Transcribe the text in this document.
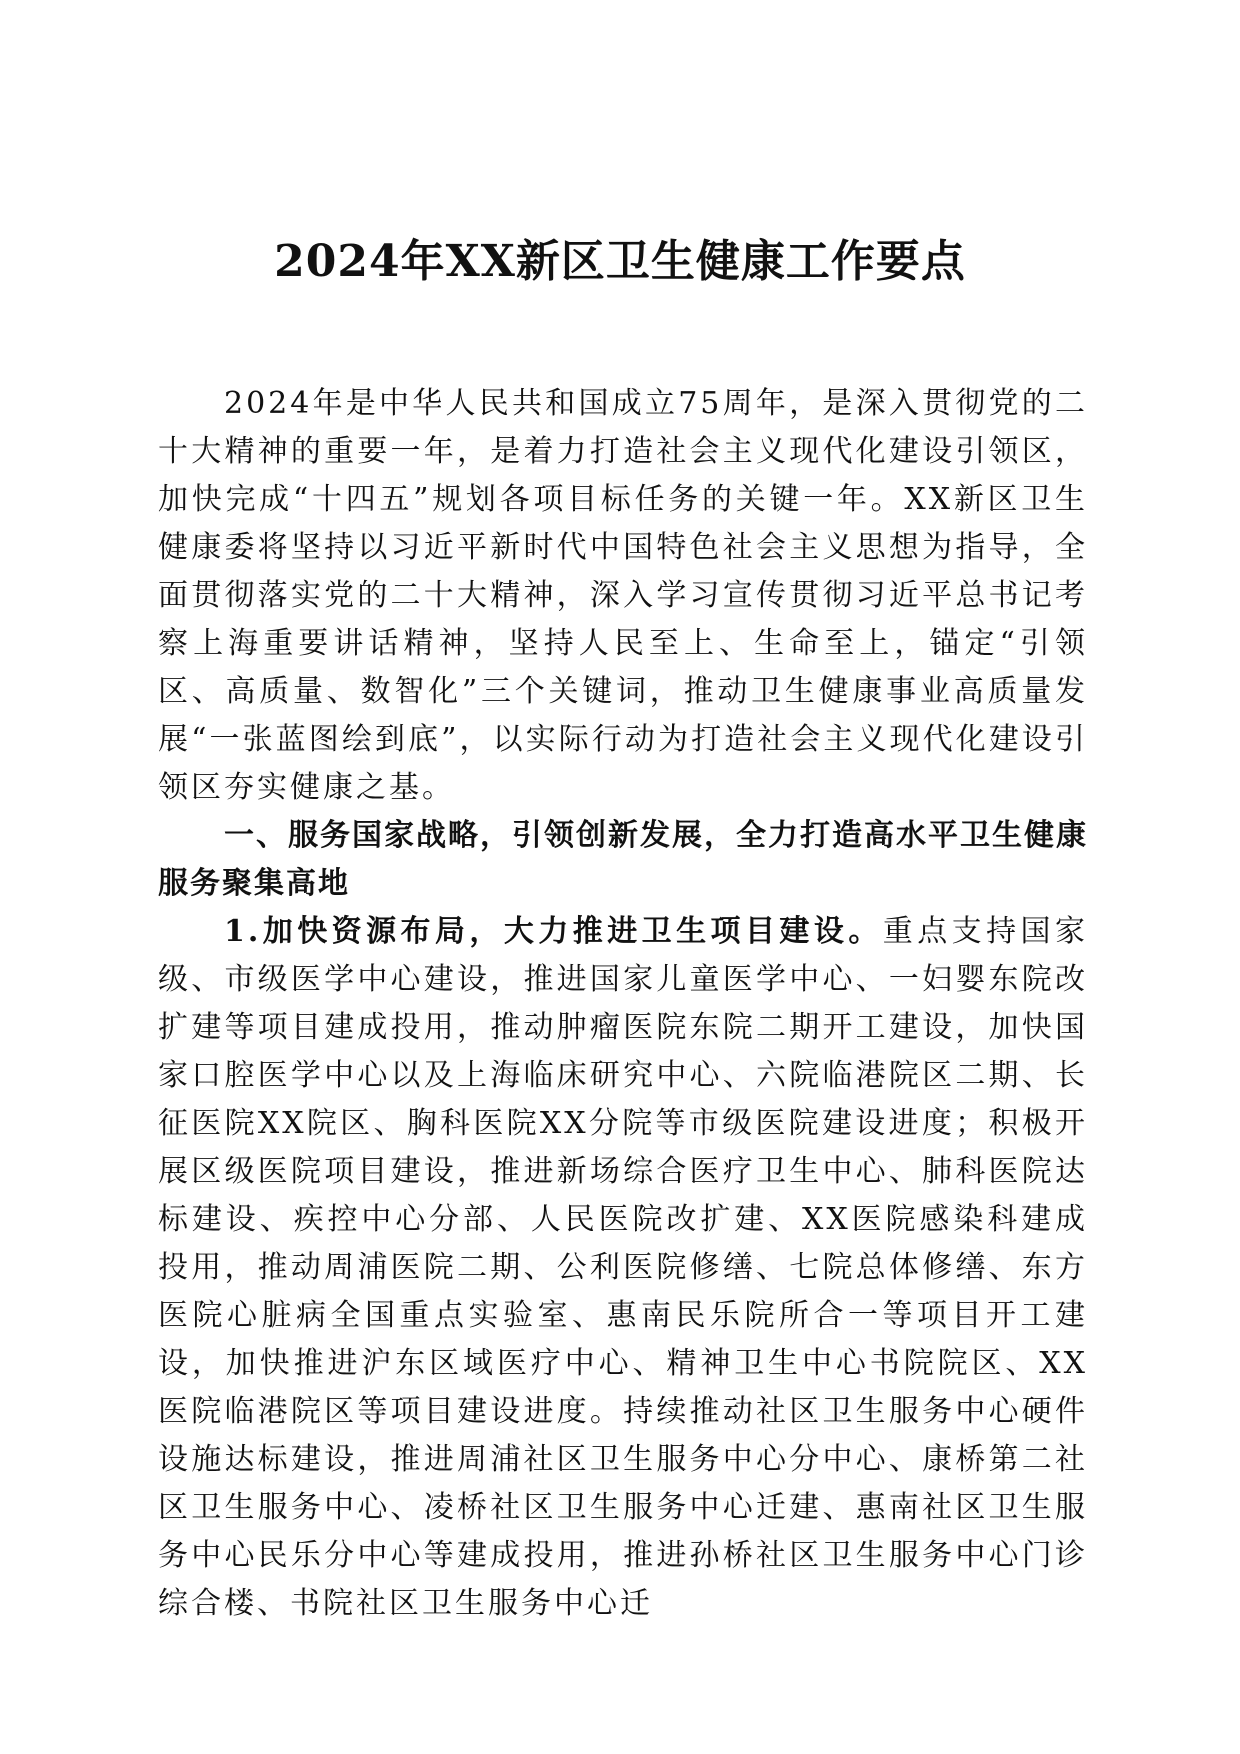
2024年XX新区卫生健康工作要点

2024年是中华人民共和国成立75周年，是深入贯彻党的二十大精神的重要一年，是着力打造社会主义现代化建设引领区，加快完成“十四五”规划各项目标任务的关键一年。XX新区卫生健康委将坚持以习近平新时代中国特色社会主义思想为指导，全面贯彻落实党的二十大精神，深入学习宣传贯彻习近平总书记考察上海重要讲话精神，坚持人民至上、生命至上，锚定“引领区、高质量、数智化”三个关键词，推动卫生健康事业高质量发展“一张蓝图绘到底”，以实际行动为打造社会主义现代化建设引领区夯实健康之基。

一、服务国家战略，引领创新发展，全力打造高水平卫生健康服务聚集高地

1.加快资源布局，大力推进卫生项目建设。重点支持国家级、市级医学中心建设，推进国家儿童医学中心、一妇婴东院改扩建等项目建成投用，推动肿瘤医院东院二期开工建设，加快国家口腔医学中心以及上海临床研究中心、六院临港院区二期、长征医院XX院区、胸科医院XX分院等市级医院建设进度；积极开展区级医院项目建设，推进新场综合医疗卫生中心、肺科医院达标建设、疾控中心分部、人民医院改扩建、XX医院感染科建成投用，推动周浦医院二期、公利医院修缮、七院总体修缮、东方医院心脏病全国重点实验室、惠南民乐院所合一等项目开工建设，加快推进沪东区域医疗中心、精神卫生中心书院院区、XX医院临港院区等项目建设进度。持续推动社区卫生服务中心硬件设施达标建设，推进周浦社区卫生服务中心分中心、康桥第二社区卫生服务中心、凌桥社区卫生服务中心迁建、惠南社区卫生服务中心民乐分中心等建成投用，推进孙桥社区卫生服务中心门诊综合楼、书院社区卫生服务中心迁
